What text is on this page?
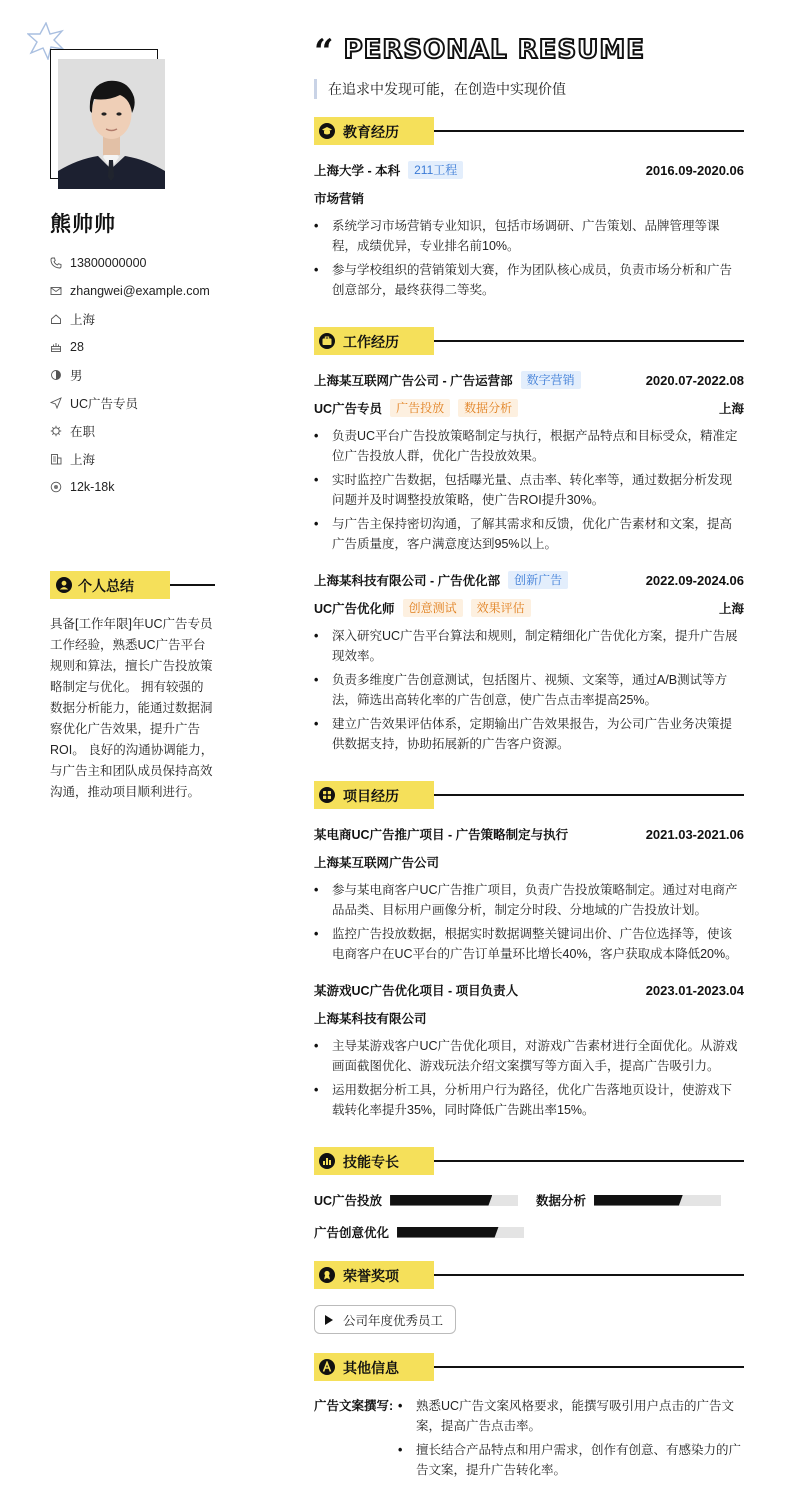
熊帅帅
13800000000
zhangwei@example.com
上海
28
男
UC广告专员
在职
上海
12k-18k
个人总结
具备[工作年限]年UC广告专员工作经验，熟悉UC广告平台规则和算法，擅长广告投放策略制定与优化。 拥有较强的数据分析能力，能通过数据洞察优化广告效果，提升广告ROI。 良好的沟通协调能力，与广告主和团队成员保持高效沟通，推动项目顺利进行。
“ PERSONAL RESUME
在追求中发现可能，在创造中实现价值
教育经历
上海大学 - 本科	211工程	2016.09-2020.06
市场营销
• 系统学习市场营销专业知识，包括市场调研、广告策划、品牌管理等课程，成绩优异，专业排名前10%。
• 参与学校组织的营销策划大赛，作为团队核心成员，负责市场分析和广告创意部分，最终获得二等奖。
工作经历
上海某互联网广告公司 - 广告运营部	数字营销	2020.07-2022.08
UC广告专员	广告投放	数据分析	上海
• 负责UC平台广告投放策略制定与执行，根据产品特点和目标受众，精准定位广告投放人群，优化广告投放效果。
• 实时监控广告数据，包括曝光量、点击率、转化率等，通过数据分析发现问题并及时调整投放策略，使广告ROI提升30%。
• 与广告主保持密切沟通，了解其需求和反馈，优化广告素材和文案，提高广告质量度，客户满意度达到95%以上。
上海某科技有限公司 - 广告优化部	创新广告	2022.09-2024.06
UC广告优化师	创意测试	效果评估	上海
• 深入研究UC广告平台算法和规则，制定精细化广告优化方案，提升广告展现效率。
• 负责多维度广告创意测试，包括图片、视频、文案等，通过A/B测试等方法，筛选出高转化率的广告创意，使广告点击率提高25%。
• 建立广告效果评估体系，定期输出广告效果报告，为公司广告业务决策提供数据支持，协助拓展新的广告客户资源。
项目经历
某电商UC广告推广项目 - 广告策略制定与执行	2021.03-2021.06
上海某互联网广告公司
• 参与某电商客户UC广告推广项目，负责广告投放策略制定。通过对电商产品品类、目标用户画像分析，制定分时段、分地域的广告投放计划。
• 监控广告投放数据，根据实时数据调整关键词出价、广告位选择等，使该电商客户在UC平台的广告订单量环比增长40%，客户获取成本降低20%。
某游戏UC广告优化项目 - 项目负责人	2023.01-2023.04
上海某科技有限公司
• 主导某游戏客户UC广告优化项目，对游戏广告素材进行全面优化。从游戏画面截图优化、游戏玩法介绍文案撰写等方面入手，提高广告吸引力。
• 运用数据分析工具，分析用户行为路径，优化广告落地页设计，使游戏下载转化率提升35%，同时降低广告跳出率15%。
技能专长
UC广告投放	数据分析
广告创意优化
荣誉奖项
公司年度优秀员工
其他信息
广告文案撰写:
•	熟悉UC广告文案风格要求，能撰写吸引用户点击的广告文案，提高广告点击率。
• 擅长结合产品特点和用户需求，创作有创意、有感染力的广告文案，提升广告转化率。
